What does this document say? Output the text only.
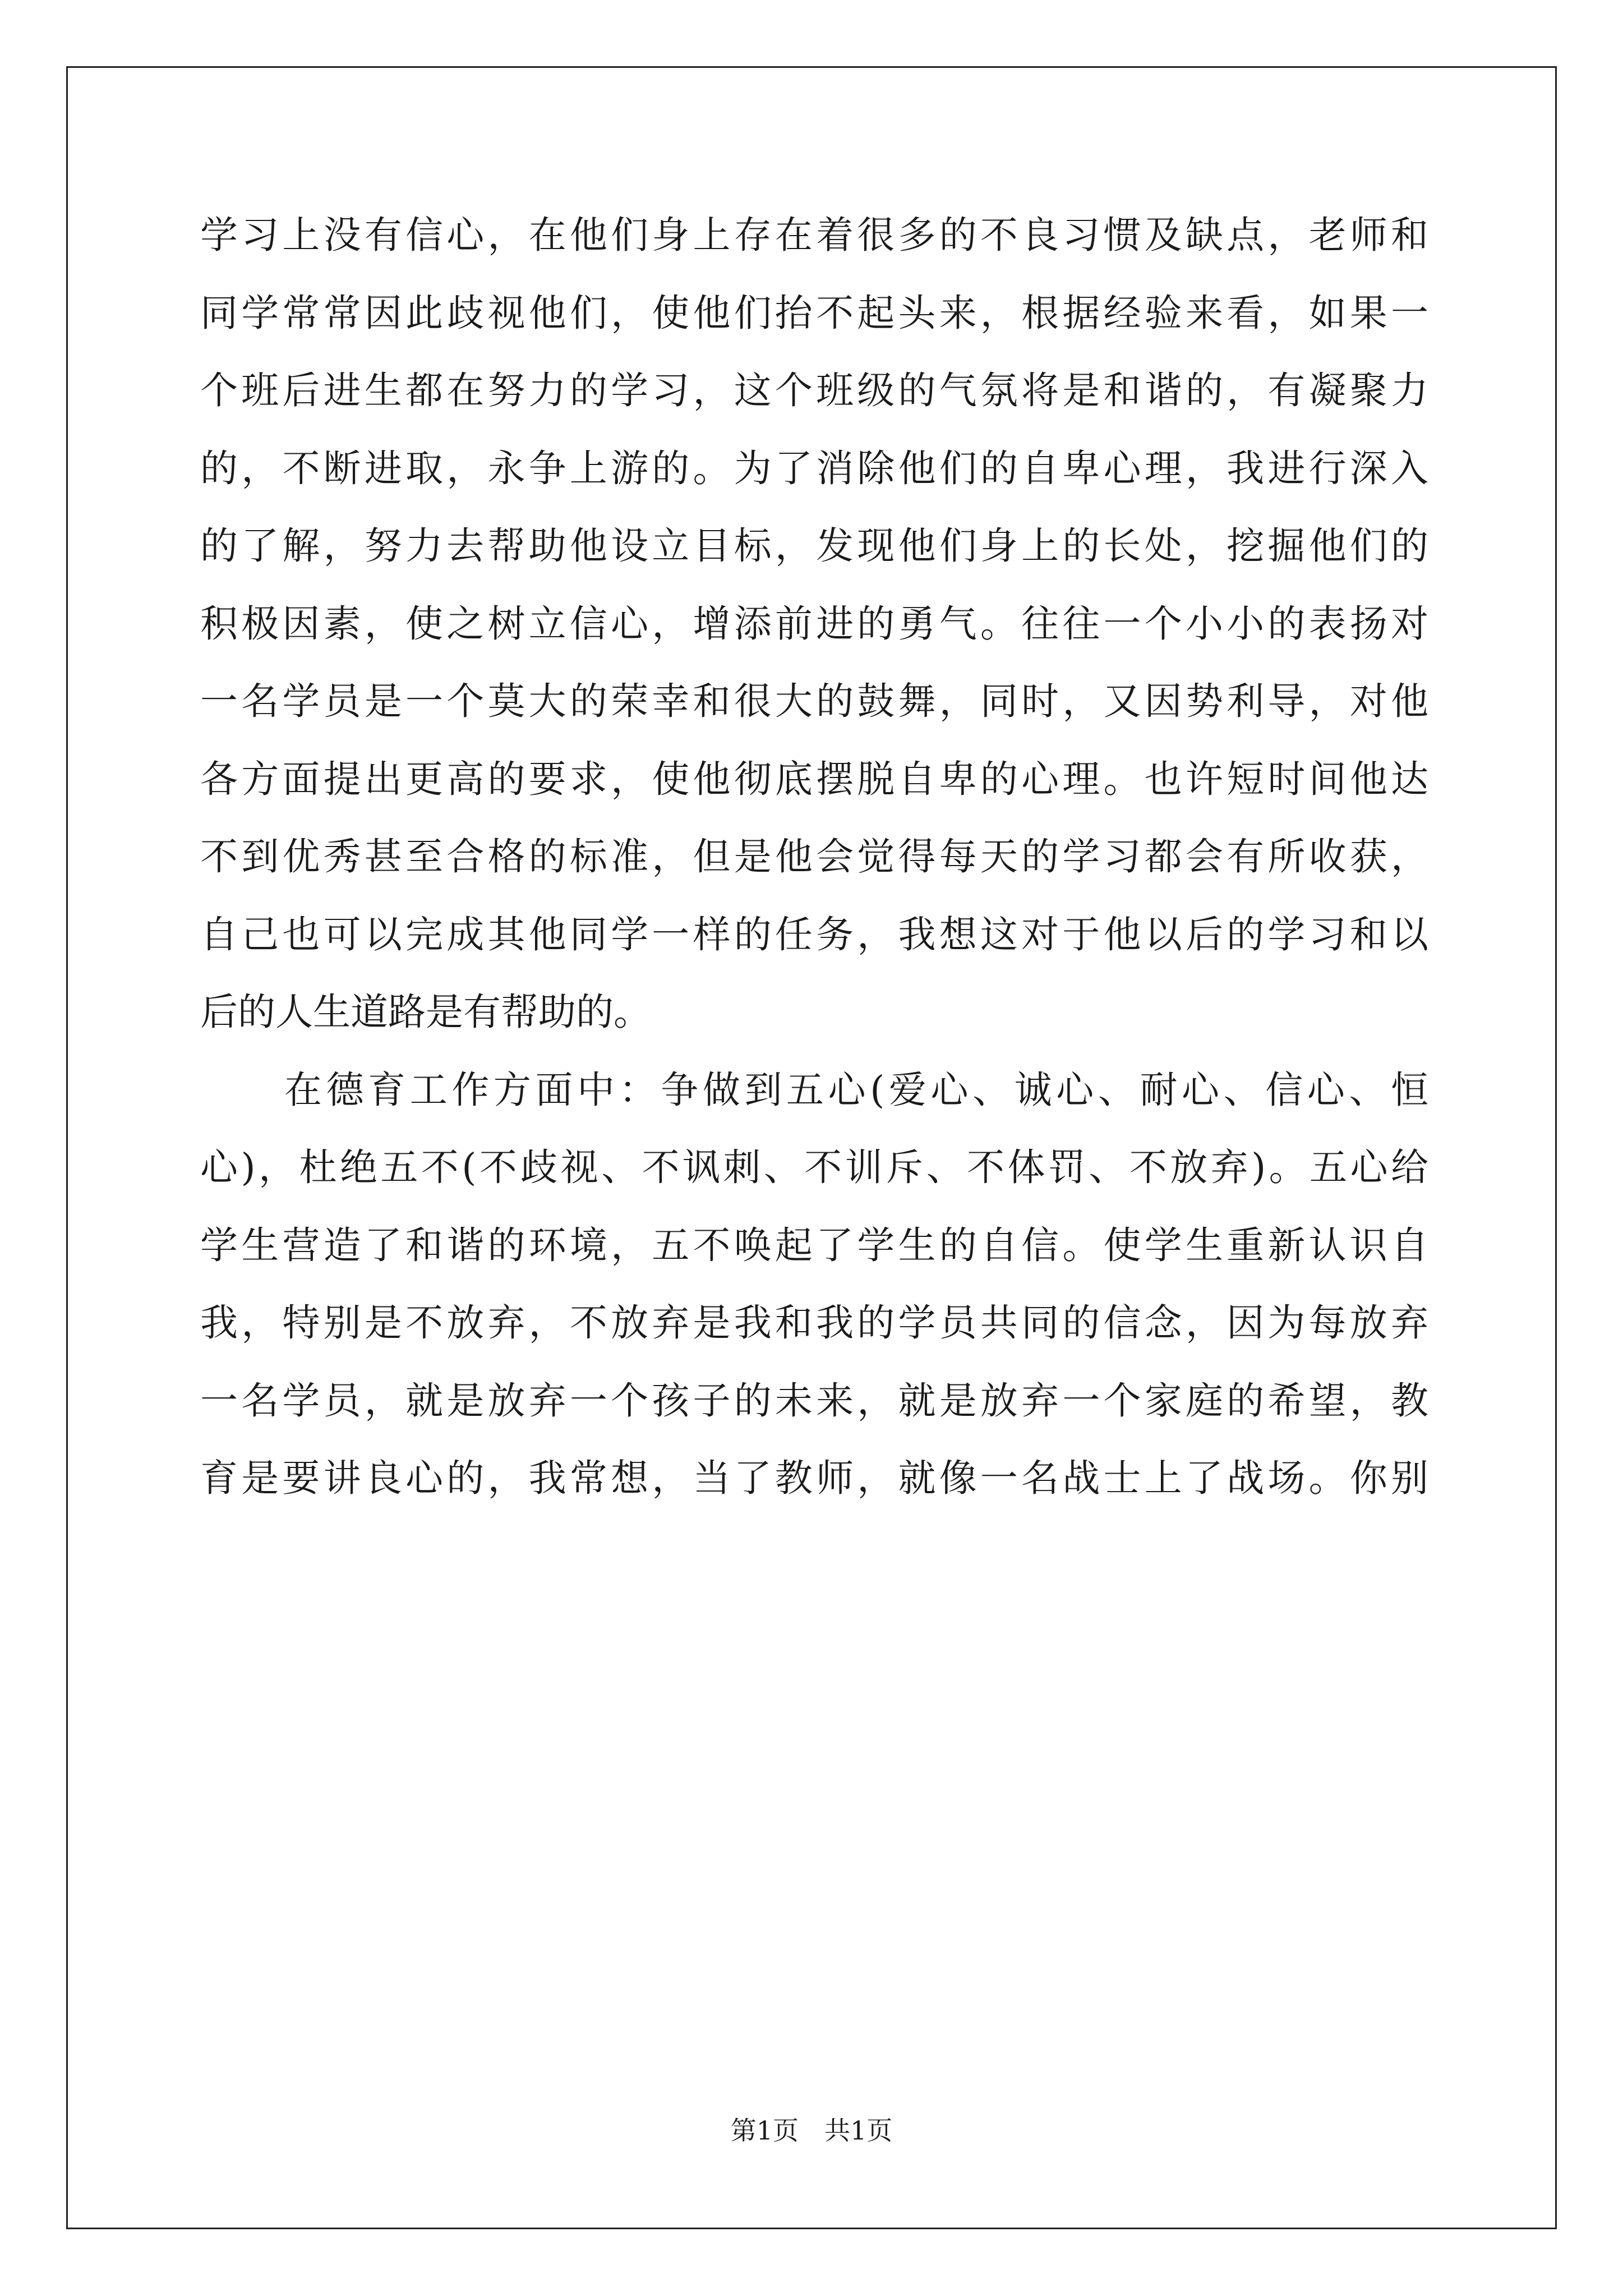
学习上没有信心，在他们身上存在着很多的不良习惯及缺点，老师和
同学常常因此歧视他们，使他们抬不起头来，根据经验来看，如果一
个班后进生都在努力的学习，这个班级的气氛将是和谐的，有凝聚力
的，不断进取，永争上游的。为了消除他们的自卑心理，我进行深入
的了解，努力去帮助他设立目标，发现他们身上的长处，挖掘他们的
积极因素，使之树立信心，增添前进的勇气。往往一个小小的表扬对
一名学员是一个莫大的荣幸和很大的鼓舞，同时，又因势利导，对他
各方面提出更高的要求，使他彻底摆脱自卑的心理。也许短时间他达
不到优秀甚至合格的标准，但是他会觉得每天的学习都会有所收获，
自己也可以完成其他同学一样的任务，我想这对于他以后的学习和以
后的人生道路是有帮助的。
在德育工作方面中：争做到五心(爱心、诚心、耐心、信心、恒
心)，杜绝五不(不歧视、不讽刺、不训斥、不体罚、不放弃)。五心给
学生营造了和谐的环境，五不唤起了学生的自信。使学生重新认识自
我，特别是不放弃，不放弃是我和我的学员共同的信念，因为每放弃
一名学员，就是放弃一个孩子的未来，就是放弃一个家庭的希望，教
育是要讲良心的，我常想，当了教师，就像一名战士上了战场。你别
第1页　共1页
